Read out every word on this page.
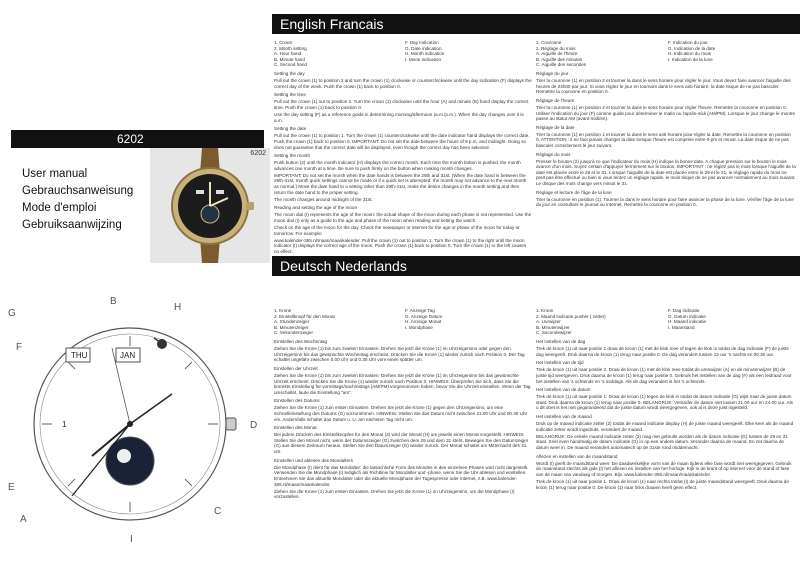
English Francais
6202
User manual
Gebrauchsanweisung
Mode d'emploi
Gebruiksaanwijzing
6202
1. Crown	F. Day indication
2. Month setting	G. Date indication
A. Hour hand	H. Month indication
B. Minute hand	I. Moon indication
C. Second hand

Setting the day

Pull out the crown (1) to position 2 and turn the crown (1) clockwise or counterclockwise until the day indication (F) displays the correct day of the week. Push the crown (1) back to position 0.

Setting the time

Pull out the crown (1) out to position 2. Turn the crown (1) clockwise until the hour (A) and minute (B) hand display the correct time. Push the crown (1) back to position 0.

Use the day setting (F) as a reference guide in determining morning/afternoon (a.m./p.m.). When the day changes over it is a.m.

Setting the date

Pull out the crown (1) to position 1. Turn the crown (1) counterclockwise until the date indicator hand displays the correct date. Push the crown (1) back to position 0. IMPORTANT: Do not set the date between the hours of 9 p.m. and midnight. Doing so does not guarantee that the correct date will be displayed, even though the correct day has been selected.

Setting the month

Push button (2) until the month indicator (H) displays the correct month. Each time the month button is pushed, the month advances one month at a time. Be sure to push firmly on the button when making month changes.

IMPORTANT: Do not set the month when the date hands is between the 29th and 31st. (When the date hand is between the 29th-31st, month quick settings cannot be made or if a quick set is attempted, the month may not advance to the next month as normal.) Move the date hand to a setting other than 29th-31st, make the desire changes in the month setting and then return the date hand to the proper setting.

The month changes around midnight of the 31st.

Reading and setting the age of the moon

The moon dial (I) represents the age of the moon: the actual shape of the moon during each phase is not represented. Use the moon dial (I) only as a guide to the age and phase of the moon when reading and setting the watch.

Check on the age of the moon for the day. Check the newspaper or internet for the age or phase of the moon for today or tomorrow. For example:

www.kalender-365.nl/maan/maankalender. Pull the crown (1) out to position 1. Turn the crown (1) to the right until the moon indicator (I) displays the correct age of the moon. Push the crown (1) back to position 0. Turn the crown (1) to the left causes no effect.

1. Couronne	F. Indication du jour
2. Réglage du mois	G. Indication de la date
A. Aiguille de l'heure	H. Indication du mois
B. Aiguille des minutes	I. Indication de la lune
C. Aiguille des secondes

Réglage du jour

Tirer la couronne (1) en position 2 et tourner la dans le sens horaire pour régler le jour. Vous devez faire avancer l'aiguille des heures de 24h00 par jour. Si vous réglez le jour en tournant dans le sens anti-horaire, la date risque de ne pas basculer. Remettre la couronne en position 0.

Réglage de l'heure

Tirer la couronne (1) en position 2 et tourner la dans le sens horaire pour régler l'heure. Remettre la couronne en position 0. Utiliser l'indication du jour (F) comme guide pour déterminer le matin ou l'après-midi (AM/PM). Lorsque le jour change le montre passe au statut AM (avant-midi/en).

Réglage de la date

Tirer la couronne (1) en position 1 et tourner la dans le sens anti-horaire pour régler la date. Remettre la couronne en position 0. ATTENTION : il ne faut jamais changer la date lorsque l'heure est comprise entre 9 pm et minuit. La date risque de ne pas basculer correctement le jour suivant.

Réglage du mois

Presser le bouton (2) jusqu'à ce que l'indicateur du mois (H) indique la bonne date. A chaque pression sur le bouton le mois avance d'un mois. Soyez certain d'appuyer fermement sur le bouton. IMPORTANT : ne réglez pas le mois lorsque l'aiguille de la date est placée entre le 29 et le 31. Lorsque l'aiguille de la date est placée entre le 29 et le 31, le réglage rapide du mois ne peut pas être effectué ou bien si vous tentez un réglage rapide, le mois risque de ne pas avancer normalement au mois suivant. Le disque des mois change vers minuit le 31.

Réglage et lecture de l'âge de la lune

Tirer la couronne en position (1). Tourner la dans le sens horaire pour faire avancer la phase de la lune. Vérifier l'âge de la lune du jour en consultant le journal ou internet. Remettre la couronne en position 0.

Deutsch Nederlands
G
B
H
F
E
A
C
I
D
THU	JAN
1
1. Krone	F. Anzeige Tag
2. Einstellknopf für den Monat	G. Anzeige Datum
A. Stundenzeiger	H. Anzeige Monat
B. Minutenzeiger	I. Mondphase
C. Sekundenzeiger

Einstellen des Wochentag

Ziehen Sie die Krone (1) bis zum zweiten Einrasten. Drehen Sie jetzt die Krone (1) im Uhrzeigersinn oder gegen den Uhrzeigersinn bis das gewünschte Wochentag erscheint. Drücken Sie die Krone (1) wieder zurück nach Position 0. Der Tag schaltet ungefähr zwischen 0.00 Uhr und 0.30 Uhr vom einen spätter um.

Einstellen der Uhrzeit

Ziehen Sie die Krone (1) bis zum zweiten Einrasten. Drehen Sie jetzt die Krone (1) im Uhrzeigersinn bis das gewünschte Uhrzeit erscheint. Drücken Sie die Krone (1) wieder zurück nach Position 0. HINWEIS: Überprüfen Sie sich, dass Sie die korrekte Einstellung für vormittags/nachmittags (AM/PM) vorgenommen haben, bevor Sie die Uhrzeit einstellen. Wenn der Tag umschaltet, laute die Einstellung "am".

Einstellen des Datums

Ziehen Sie die Krone (1) zum ersten Einrasten. Drehen Sie jetzt die Krone (1) gegen den Uhrzeigersinn, um eine Schnelleinstellung des Datums (G) vorzunehmen. HINWEIS: Stellen Sie das Datum nicht zwischen 21.00 Uhr und 00.30 Uhr ein. Andernfalls schaltet das Datum u. U. am nächsten Tag nicht um.

Einstellen des Monat

Bei jedem Drücken des Einstellknopfes für den Monat (2) wird der Monat (H) um jeweils einen Monat vorgestellt. HINWEIS: Stellen Sie den Monat nicht, wenn der Datumszeiger (G) zwischen dem 29 und dem 31 steht. Bewegen Sie den Datumzeiger (G) aus diesem Zeitraum heraus. Stellen Sie den Datumzeiger (G) wieder zurück. Der Monat schaltet um Mitternacht des 31. um.

Einstellen und ablesen des Mondalters

Die Mondphase (I) dient für das Mondalter; die tatsächliche Form des Mondes in den einzelnen Phasen wird nicht dargestellt. Verwenden Sie die Mondphase (I) lediglich als Richtlinie für Mondalter und -phase, wenn Sie die Uhr ablesen und einstellen. Entnehmen Sie das aktuelle Mondalter oder die aktuelle Mondphase der Tagespresse oder internet, z.B. www.kalender-365.nl/maan/maankalender.

Ziehen Sie die Krone (1) zum ersten Einrasten. Drehen Sie jetzt die Krone (1) im Uhrzeigersinn, um die Mondphase (I) vorzustellen.

1. Kroon	F. Dag indicatie
2. Maand indicatie pusher ( zetter)	G. Datum indicatie
A. Uurwijzer	H. Maand indicatie
B. Minutenwijzer	I. Maanstand
C. Secondewijzer

Het instellen van de dag

Trek de kroon (1) uit naar positie 2 draai de kroon (1) met de klok mee of tegen de klok in totdat de dag indicatie (F) de juiste dag weergeeft. Druk daarna de kroon (1) terug naar positie 0. De dag verandert tussen 12 uur 's nachts en 00.30 uur.

Het instellen van de tijd

Trek de kroon (1) uit naar positie 2. Draai de kroon (1) met de klok mee totdat de urenwijzer (A) en de minutenwijzer (B) de juiste tijd weergeven. Druk daarna de kroon (1) terug naar positie 0. Gebruik het instellen van de dag (F) als een leidraad voor het instellen van 's ochtends en 's middags. Als de dag verandert is het 's ochtends.

Het instellen van de datum

Trek de kroon (1) uit naar positie 1. Draai de kroon (1) tegen de klok in totdat de datum indicatie (G) wijst naar de juiste datum staat. Druk daarna de kroon (1) terug naar positie 0. BELANGRIJK: Verander de datum niet tussen 21.00 uur en 24.00 uur. Als u dit doet is het niet gegarandeerd dat de juiste datum wordt weergegeven, ook al is deze juist ingesteld.

Het instellen van de maand

Druk op de maand indicatie zetter (2) totdat de maand indicatie display (H) de juiste maand weergeeft. Elke keer als de maand indicatie zetter wordt ingedrukt, verandert de maand.

BELANGRIJK: De enkele maand indicatie zetter (2) mag niet gebruikt worden als de datum indicatie (G) tussen de 29 en 31 staat. Snel even handmatig de datum indicatie (G) in op een andere datum. Verander daarna de maand. En zet daarna de datum weer in. De maand verandert automatisch op de 31ste rond middernacht.

Aflezen en instellen van de maandstand

Wordt (I) geeft de maandstand weer. De daadwerkelijke vorm van de maan tijdens elke fase wordt niet weergegeven. Gebruik de maanstand slechts als gids (I) het aflezen en instellen van het horloge. Kijk in de krant of op internet voor de stand of fase van de maan van vandaag of morgen. Bijv. www.kalender-365.nl/maan/maankalender.

Trek de kroon (1) uit naar positie 1. Draai de kroon (1) naar rechts totdat (I) de juiste maandstand weergeeft. Druk daarna de kroon (1) terug naar positie 0. De kroon (1) naar links draaien heeft geen effect.
